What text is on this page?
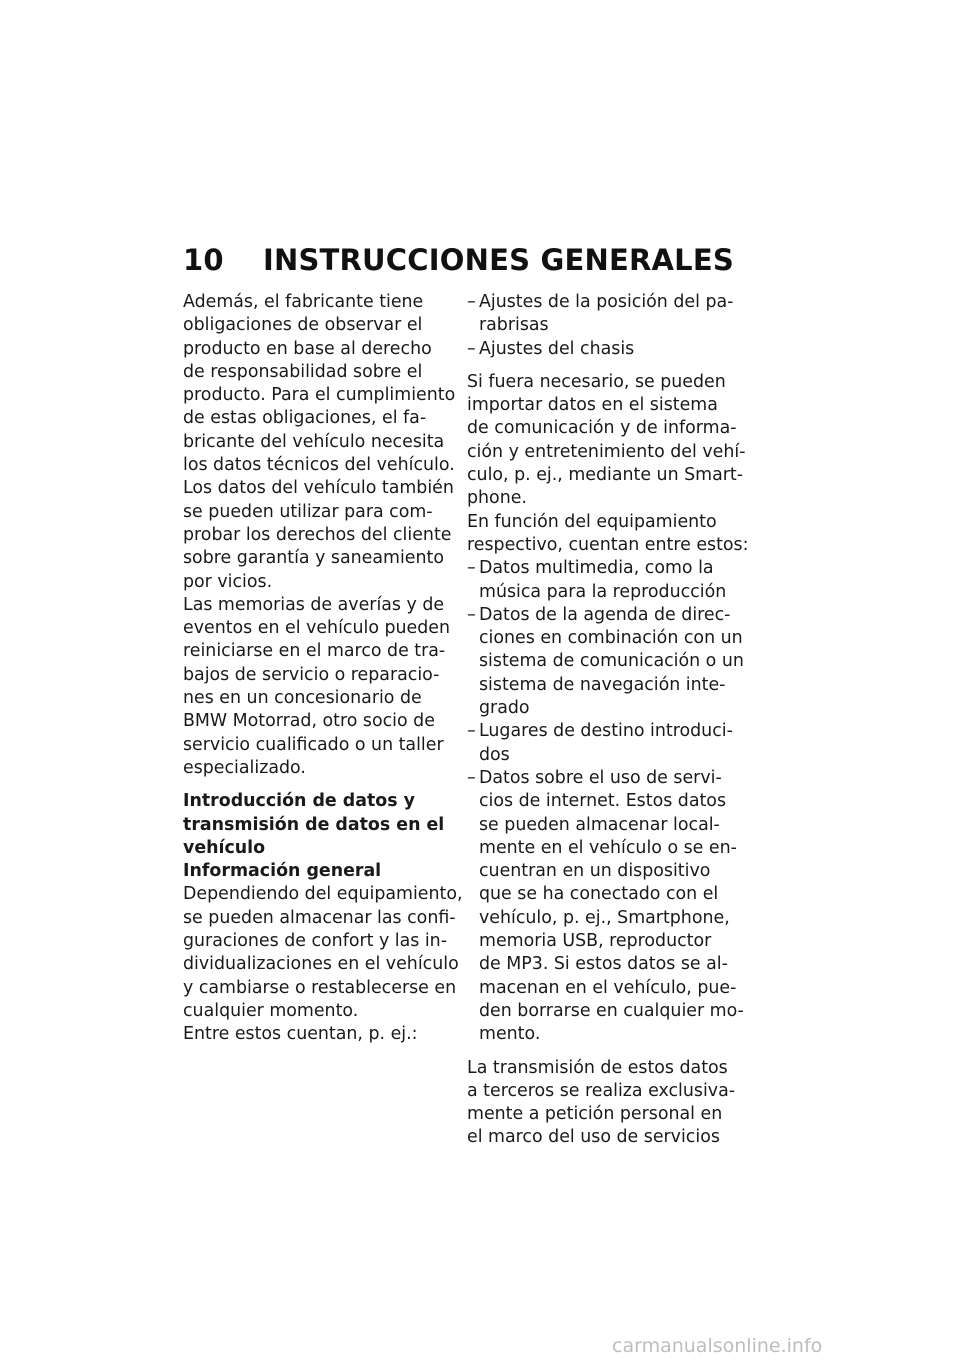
10	INSTRUCCIONES GENERALES

Además, el fabricante tiene
obligaciones de observar el
producto en base al derecho
de responsabilidad sobre el
producto. Para el cumplimiento
de estas obligaciones, el fa-
bricante del vehículo necesita
los datos técnicos del vehículo.
Los datos del vehículo también
se pueden utilizar para com-
probar los derechos del cliente
sobre garantía y saneamiento
por vicios.

Las memorias de averías y de
eventos en el vehículo pueden
reiniciarse en el marco de tra-
bajos de servicio o reparacio-
nes en un concesionario de
BMW Motorrad, otro socio de
servicio cualificado o un taller
especializado.

Introducción de datos y
transmisión de datos en el
vehículo

Información general

Dependiendo del equipamiento,
se pueden almacenar las confi-
guraciones de confort y las in-
dividualizaciones en el vehículo
y cambiarse o restablecerse en
cualquier momento.

Entre estos cuentan, p. ej.:

– Ajustes de la posición del pa-
rabrisas

– Ajustes del chasis

Si fuera necesario, se pueden
importar datos en el sistema
de comunicación y de informa-
ción y entretenimiento del vehí-
culo, p. ej., mediante un Smart-
phone.

En función del equipamiento
respectivo, cuentan entre estos:

– Datos multimedia, como la
música para la reproducción

– Datos de la agenda de direc-
ciones en combinación con un
sistema de comunicación o un
sistema de navegación inte-
grado

– Lugares de destino introduci-
dos

– Datos sobre el uso de servi-
cios de internet. Estos datos
se pueden almacenar local-
mente en el vehículo o se en-
cuentran en un dispositivo
que se ha conectado con el
vehículo, p. ej., Smartphone,
memoria USB, reproductor
de MP3. Si estos datos se al-
macenan en el vehículo, pue-
den borrarse en cualquier mo-
mento.

La transmisión de estos datos
a terceros se realiza exclusiva-
mente a petición personal en
el marco del uso de servicios

carmanualsonline.info
